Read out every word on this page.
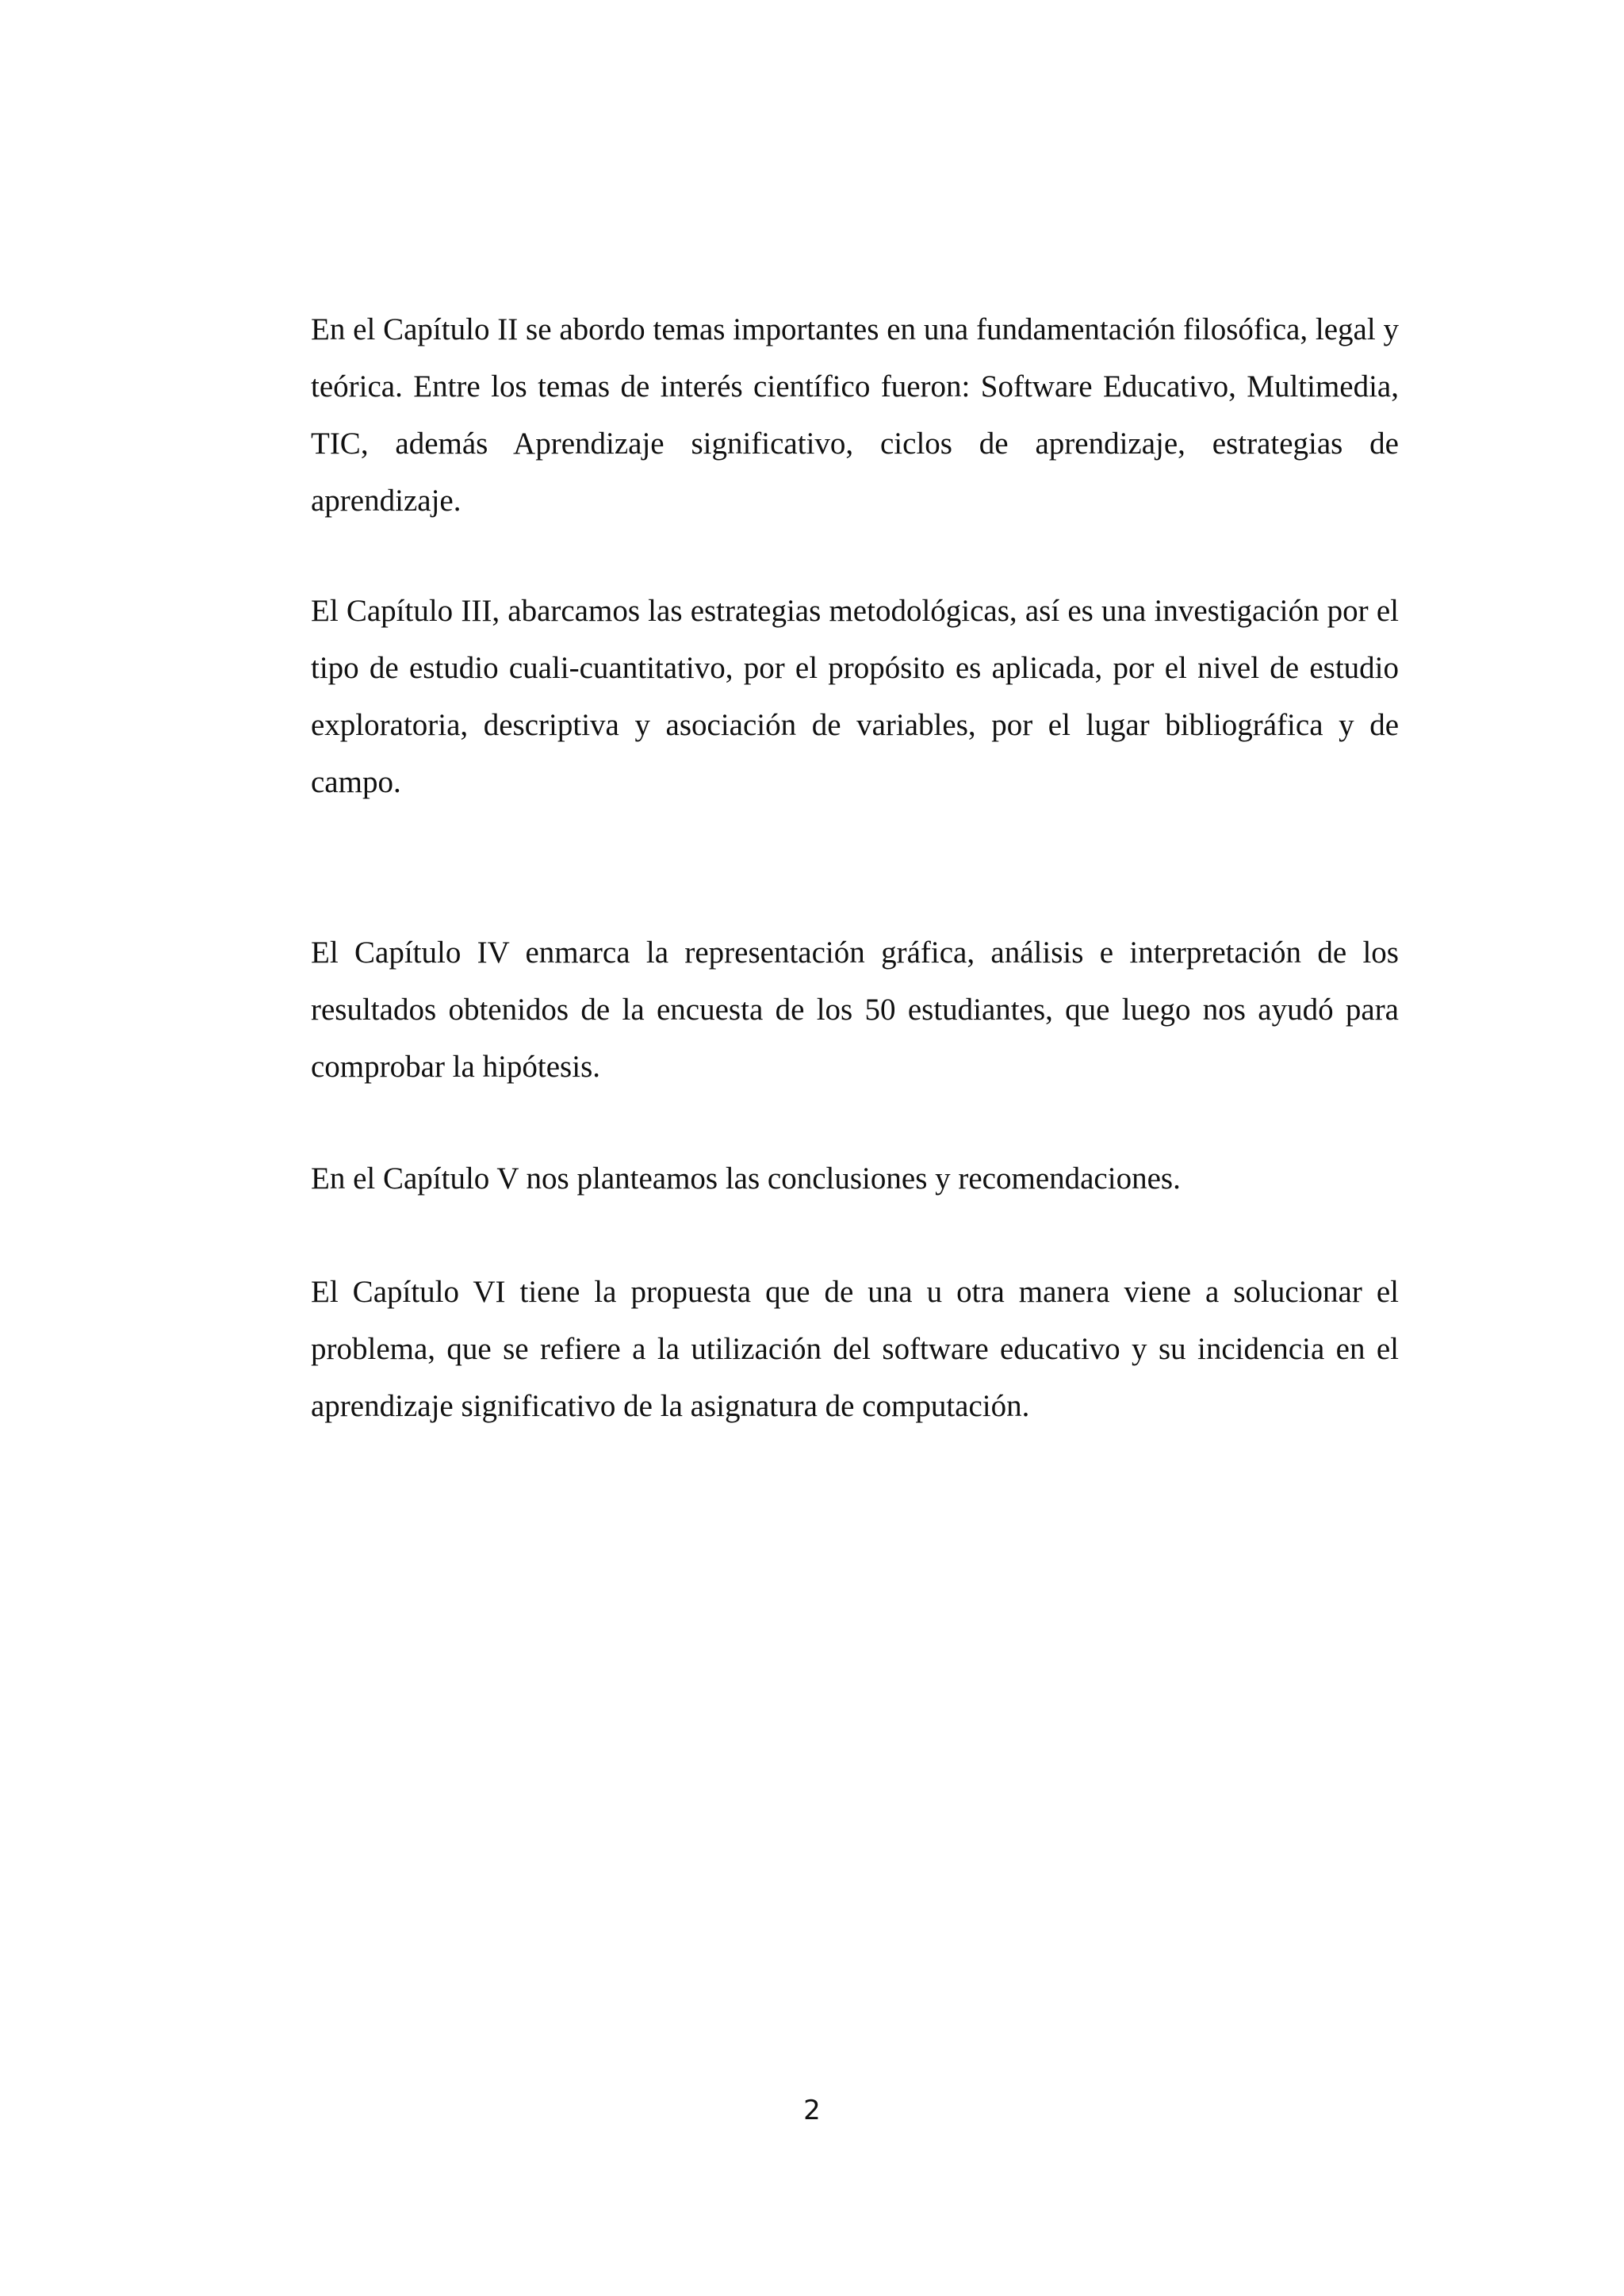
En el Capítulo II se abordo temas importantes en una fundamentación filosófica, legal y teórica. Entre los temas de interés científico fueron: Software Educativo, Multimedia, TIC, además Aprendizaje significativo, ciclos de aprendizaje, estrategias de aprendizaje.

El Capítulo III, abarcamos las estrategias metodológicas, así es una investigación por el tipo de estudio cuali-cuantitativo, por el propósito es aplicada, por el nivel de estudio exploratoria, descriptiva y asociación de variables, por el lugar bibliográfica y de campo.

El Capítulo IV enmarca la representación gráfica, análisis e interpretación de los resultados obtenidos de la encuesta de los 50 estudiantes, que luego nos ayudó para comprobar la hipótesis.

En el Capítulo V nos planteamos las conclusiones y recomendaciones.

El Capítulo VI tiene la propuesta que de una u otra manera viene a solucionar el problema, que se refiere a la utilización del software educativo y su incidencia en el aprendizaje significativo de la asignatura de computación.

2
